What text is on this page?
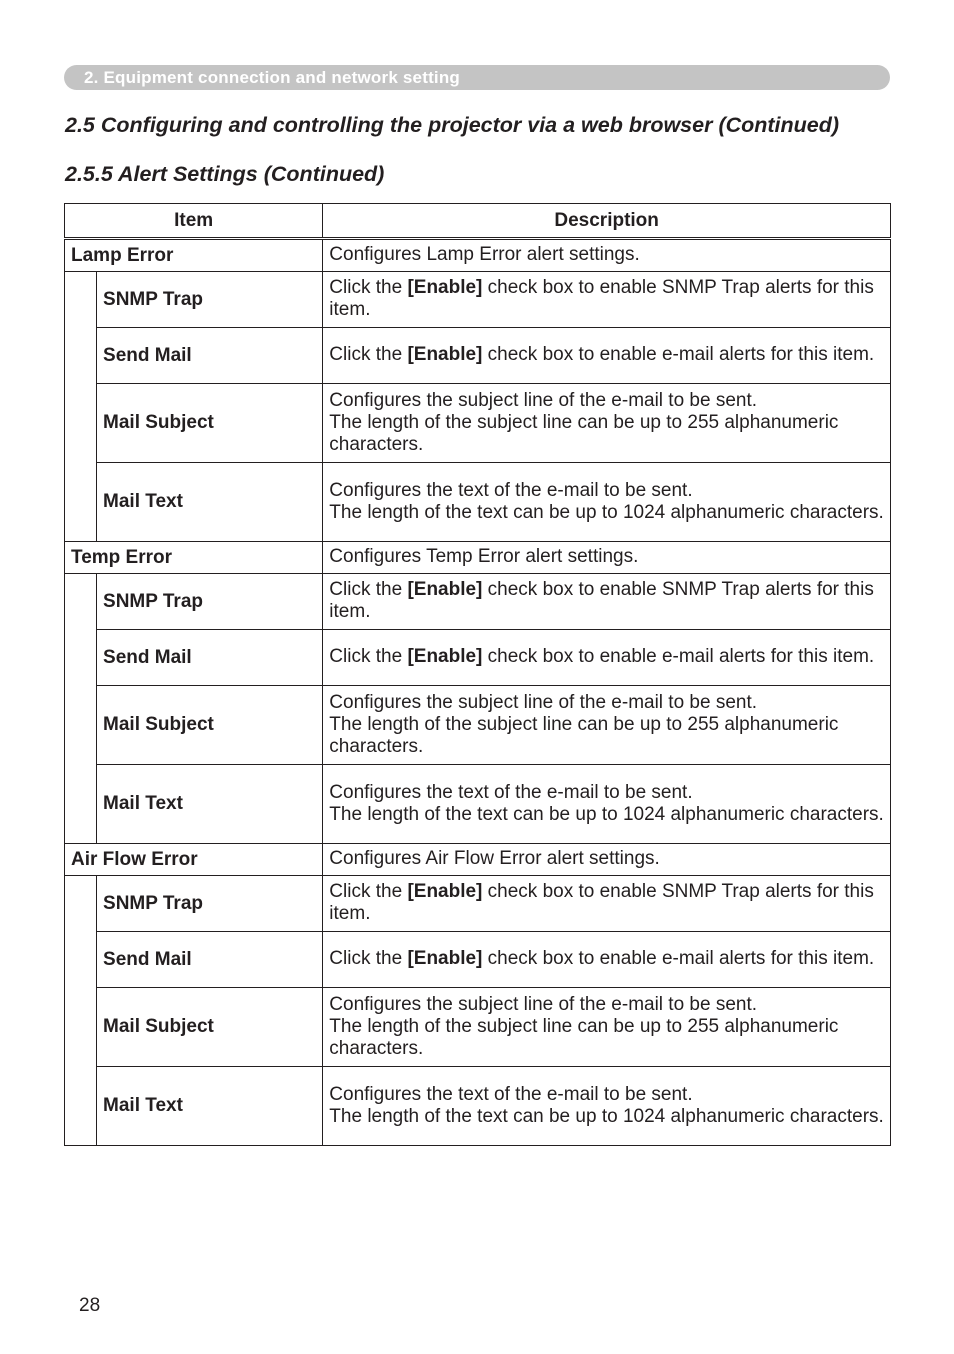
2. Equipment connection and network setting
2.5 Configuring and controlling the projector via a web browser (Continued)
2.5.5 Alert Settings (Continued)
Item		Description
Lamp Error		Configures Lamp Error alert settings.
	SNMP Trap	Click the [Enable] check box to enable SNMP Trap alerts for this item.
	Send Mail	Click the [Enable] check box to enable e-mail alerts for this item.
	Mail Subject	Configures the subject line of the e-mail to be sent.
The length of the subject line can be up to 255 alphanumeric characters.

	Mail Text	Configures the text of the e-mail to be sent.
The length of the text can be up to 1024 alphanumeric characters.

Temp Error		Configures Temp Error alert settings.
	SNMP Trap	Click the [Enable] check box to enable SNMP Trap alerts for this item.
	Send Mail	Click the [Enable] check box to enable e-mail alerts for this item.
	Mail Subject	Configures the subject line of the e-mail to be sent.
The length of the subject line can be up to 255 alphanumeric characters.

	Mail Text	Configures the text of the e-mail to be sent.
The length of the text can be up to 1024 alphanumeric characters.

Air Flow Error		Configures Air Flow Error alert settings.
	SNMP Trap	Click the [Enable] check box to enable SNMP Trap alerts for this item.
	Send Mail	Click the [Enable] check box to enable e-mail alerts for this item.
	Mail Subject	Configures the subject line of the e-mail to be sent.
The length of the subject line can be up to 255 alphanumeric characters.

	Mail Text	Configures the text of the e-mail to be sent.
The length of the text can be up to 1024 alphanumeric characters.
28
